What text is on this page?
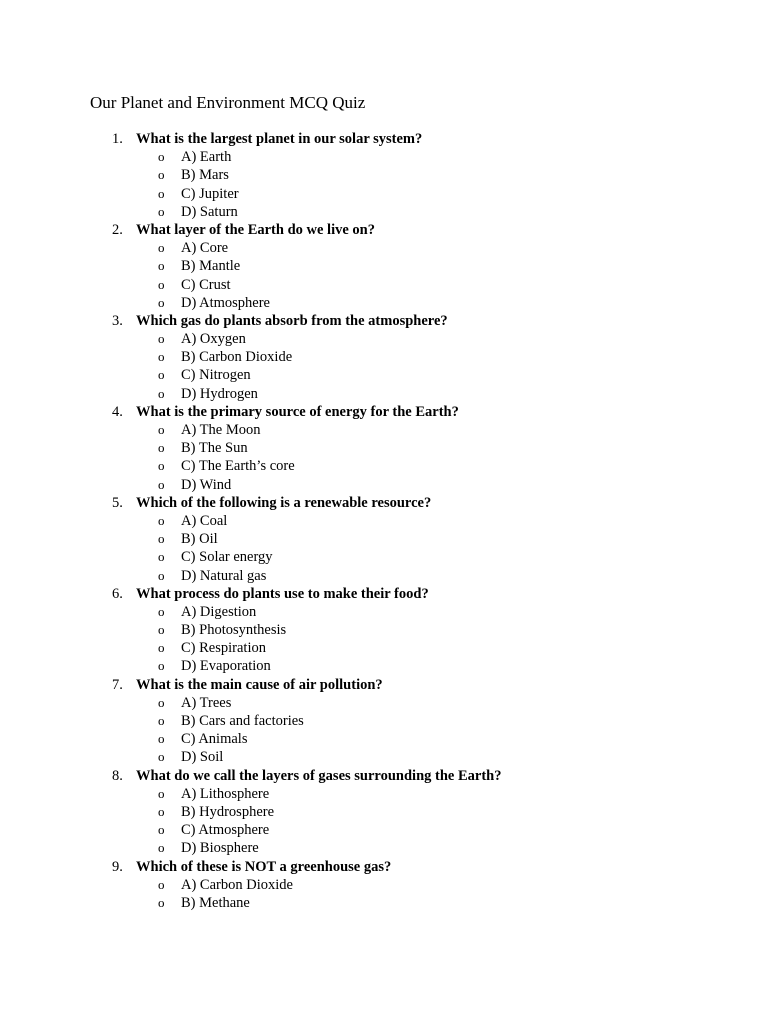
Our Planet and Environment MCQ Quiz
1. What is the largest planet in our solar system?
o A) Earth
o B) Mars
o C) Jupiter
o D) Saturn
2. What layer of the Earth do we live on?
o A) Core
o B) Mantle
o C) Crust
o D) Atmosphere
3. Which gas do plants absorb from the atmosphere?
o A) Oxygen
o B) Carbon Dioxide
o C) Nitrogen
o D) Hydrogen
4. What is the primary source of energy for the Earth?
o A) The Moon
o B) The Sun
o C) The Earth’s core
o D) Wind
5. Which of the following is a renewable resource?
o A) Coal
o B) Oil
o C) Solar energy
o D) Natural gas
6. What process do plants use to make their food?
o A) Digestion
o B) Photosynthesis
o C) Respiration
o D) Evaporation
7. What is the main cause of air pollution?
o A) Trees
o B) Cars and factories
o C) Animals
o D) Soil
8. What do we call the layers of gases surrounding the Earth?
o A) Lithosphere
o B) Hydrosphere
o C) Atmosphere
o D) Biosphere
9. Which of these is NOT a greenhouse gas?
o A) Carbon Dioxide
o B) Methane
